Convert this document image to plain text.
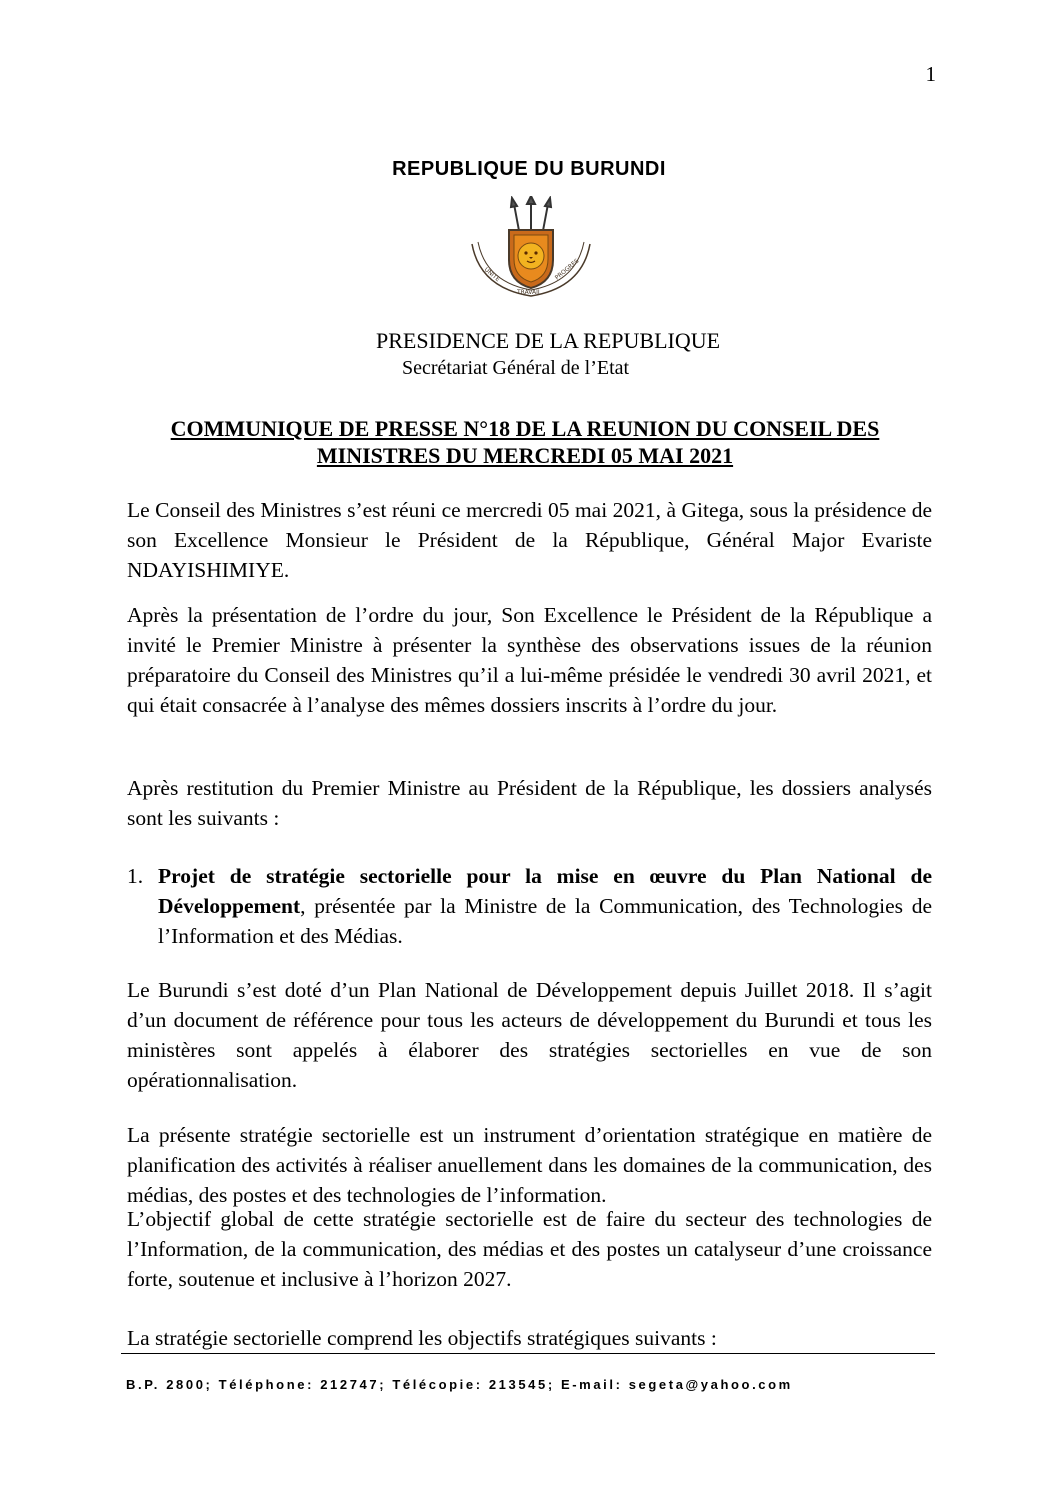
1
REPUBLIQUE DU BURUNDI
UNITE
TRAVAIL
PROGRES
PRESIDENCE DE LA REPUBLIQUE
Secrétariat Général de l’Etat
COMMUNIQUE DE PRESSE N°18 DE LA REUNION DU CONSEIL DES
MINISTRES DU MERCREDI 05 MAI 2021

Le Conseil des Ministres s’est réuni ce mercredi 05 mai 2021, à Gitega, sous la présidence de son Excellence Monsieur le Président de la République, Général Major Evariste NDAYISHIMIYE.

Après la présentation de l’ordre du jour, Son Excellence le Président de la République a invité le Premier Ministre à présenter la synthèse des observations issues de la réunion préparatoire du Conseil des Ministres qu’il a lui-même présidée le vendredi 30 avril 2021, et qui était consacrée à l’analyse des mêmes dossiers inscrits à l’ordre du jour.

Après restitution du Premier Ministre au Président de la République, les dossiers analysés sont les suivants :

1. Projet de stratégie sectorielle pour la mise en œuvre du Plan National de Développement, présentée par la Ministre de la Communication, des Technologies de l’Information et des Médias.

Le Burundi s’est doté d’un Plan National de Développement depuis Juillet 2018. Il s’agit d’un document de référence pour tous les acteurs de développement du Burundi et tous les ministères sont appelés à élaborer des stratégies sectorielles en vue de son opérationnalisation.

La présente stratégie sectorielle est un instrument d’orientation stratégique en matière de planification des activités à réaliser anuellement dans les domaines de la communication, des médias, des postes et des technologies de l’information.

L’objectif global de cette stratégie sectorielle est de faire du secteur des technologies de l’Information, de la communication, des médias et des postes un catalyseur d’une croissance forte, soutenue et inclusive à l’horizon 2027.

La stratégie sectorielle comprend les objectifs stratégiques suivants :

B.P. 2800; Téléphone: 212747; Télécopie: 213545; E-mail: segeta@yahoo.com
